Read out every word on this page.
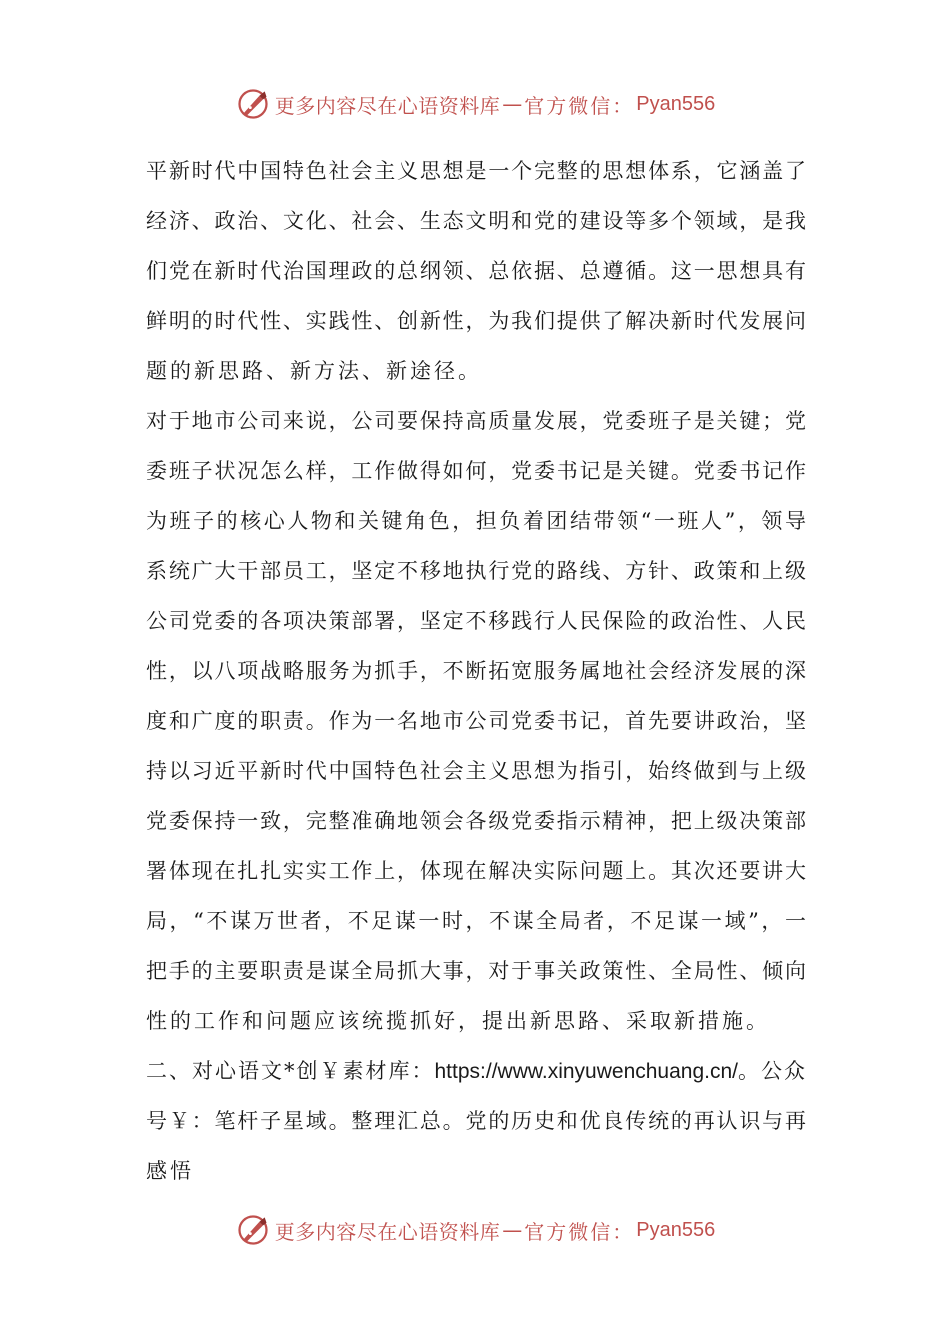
更多内容尽在心语资料库 — 官方微信： Pyan556
平新时代中国特色社会主义思想是一个完整的思想体系，它涵盖了
经济、政治、文化、社会、生态文明和党的建设等多个领域，是我
们党在新时代治国理政的总纲领、总依据、总遵循。这一思想具有
鲜明的时代性、实践性、创新性，为我们提供了解决新时代发展问
题的新思路、新方法、新途径。
对于地市公司来说，公司要保持高质量发展，党委班子是关键；党
委班子状况怎么样，工作做得如何，党委书记是关键。党委书记作
为班子的核心人物和关键角色，担负着团结带领“一班人”，领导
系统广大干部员工，坚定不移地执行党的路线、方针、政策和上级
公司党委的各项决策部署，坚定不移践行人民保险的政治性、人民
性，以八项战略服务为抓手，不断拓宽服务属地社会经济发展的深
度和广度的职责。作为一名地市公司党委书记，首先要讲政治，坚
持以习近平新时代中国特色社会主义思想为指引，始终做到与上级
党委保持一致，完整准确地领会各级党委指示精神，把上级决策部
署体现在扎扎实实工作上，体现在解决实际问题上。其次还要讲大
局，“不谋万世者，不足谋一时，不谋全局者，不足谋一域”，一
把手的主要职责是谋全局抓大事，对于事关政策性、全局性、倾向
性的工作和问题应该统揽抓好，提出新思路、采取新措施。
二、对心语文*创￥素材库：https://www.xinyuwenchuang.cn/。公众
号￥：笔杆子星域。整理汇总。党的历史和优良传统的再认识与再
感悟
更多内容尽在心语资料库 — 官方微信： Pyan556
